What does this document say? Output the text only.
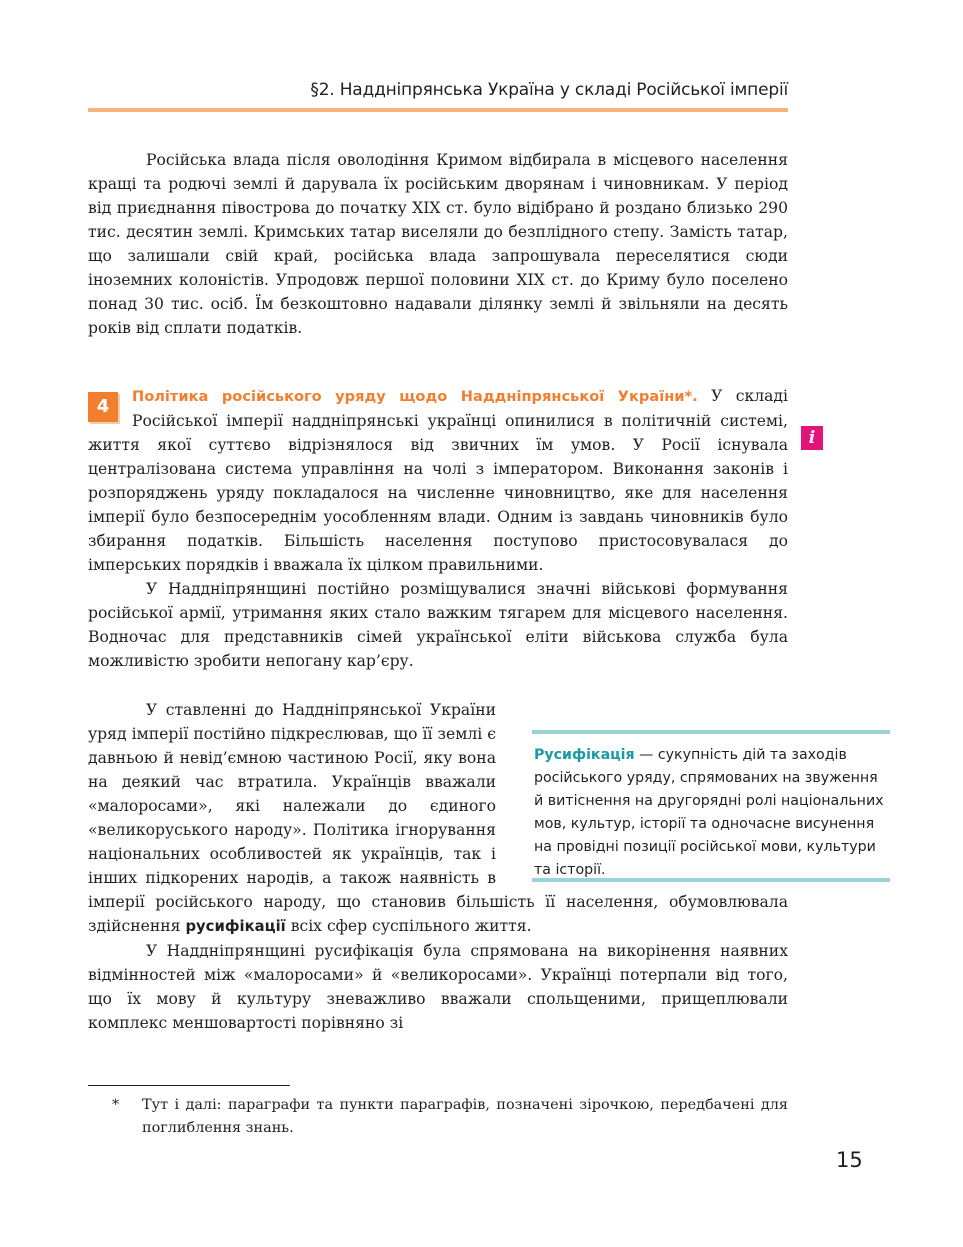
§2. Наддніпрянська Україна у складі Російської імперії

Російська влада після оволодіння Кримом відбирала в місцевого населення кращі та родючі землі й дарувала їх російським дворянам і чиновникам. У період від приєднання півострова до початку XIX ст. було відібрано й роздано близько 290 тис. десятин землі. Кримських татар виселяли до безплідного степу. Замість татар, що залишали свій край, російська влада запрошувала переселятися сюди іноземних колоністів. Упродовж першої половини XIX ст. до Криму було поселено понад 30 тис. осіб. Їм безкоштовно надавали ділянку землі й звільняли на десять років від сплати податків.

4	Політика російського уряду щодо Наддніпрянської України*. У складі Російської імперії наддніпрянські українці опинилися в політичній системі, життя якої суттєво відрізнялося від звичних їм умов. У Росії існувала централізована система управління на чолі з імператором. Виконання законів і розпоряджень уряду покладалося на численне чиновництво, яке для населення імперії було безпосереднім уособленням влади. Одним із завдань чиновників було збирання податків. Більшість населення поступово пристосовувалася до імперських порядків і вважала їх цілком правильними.

У Наддніпрянщині постійно розміщувалися значні військові формування російської армії, утримання яких стало важким тягарем для місцевого населення. Водночас для представників сімей української еліти військова служба була можливістю зробити непогану кар’єру.

i

У ставленні до Наддніпрянської України уряд імперії постійно підкреслював, що її землі є давньою й невід’ємною частиною Росії, яку вона на деякий час втратила. Українців вважали «малоросами», які належали до єдиного «великоруського народу». Політика ігнорування національних особливостей як українців, так і інших підкорених народів, а також наявність в імперії російського народу, що становив більшість її населення, обумовлювала здійснення русифікації всіх сфер суспільного життя.

У Наддніпрянщині русифікація була спрямована на викорінення наявних відмінностей між «малоросами» й «великоросами». Українці потерпали від того, що їх мову й культуру зневажливо вважали спольщеними, прищеплювали комплекс меншовартості порівняно зі

Русифікація — сукупність дій та заходів російського уряду, спрямованих на звуження й витіснення на другорядні ролі національних мов, культур, історії та одночасне висунення на провідні позиції російської мови, культури та історії.
* Тут і далі: параграфи та пункти параграфів, позначені зірочкою, передбачені для поглиблення знань.
15
